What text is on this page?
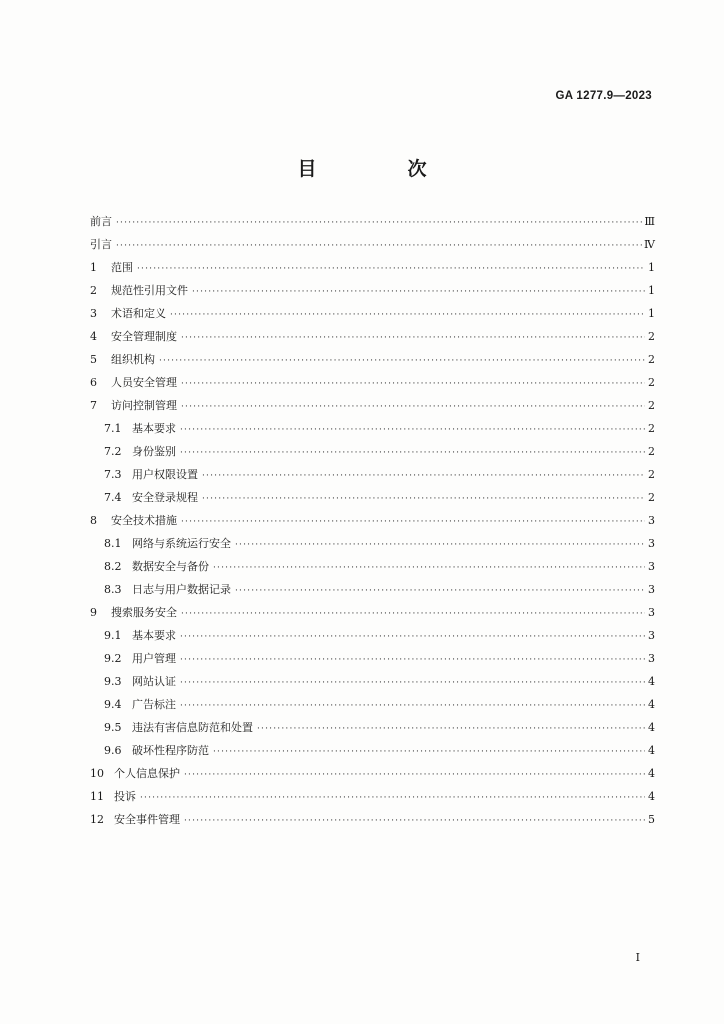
GA 1277.9—2023
目　次
前言 ·····	Ⅲ
引言 ·····	Ⅳ
1	范围 ·····	1
2	规范性引用文件 ·····	1
3	术语和定义 ·····	1
4	安全管理制度 ·····	2
5	组织机构 ·····	2
6	人员安全管理 ·····	2
7	访问控制管理 ·····	2
7.1 基本要求 ·····	2
7.2 身份鉴别 ·····	2
7.3 用户权限设置 ·····	2
7.4 安全登录规程 ·····	2
8	安全技术措施 ·····	3
8.1 网络与系统运行安全 ·····	3
8.2 数据安全与备份 ·····	3
8.3 日志与用户数据记录 ·····	3
9	搜索服务安全 ·····	3
9.1 基本要求 ·····	3
9.2 用户管理 ·····	3
9.3 网站认证 ·····	4
9.4 广告标注 ·····	4
9.5 违法有害信息防范和处置 ·····	4
9.6 破坏性程序防范 ·····	4
10 个人信息保护 ·····	4
11 投诉 ·····	4
12 安全事件管理 ·····	5
I
